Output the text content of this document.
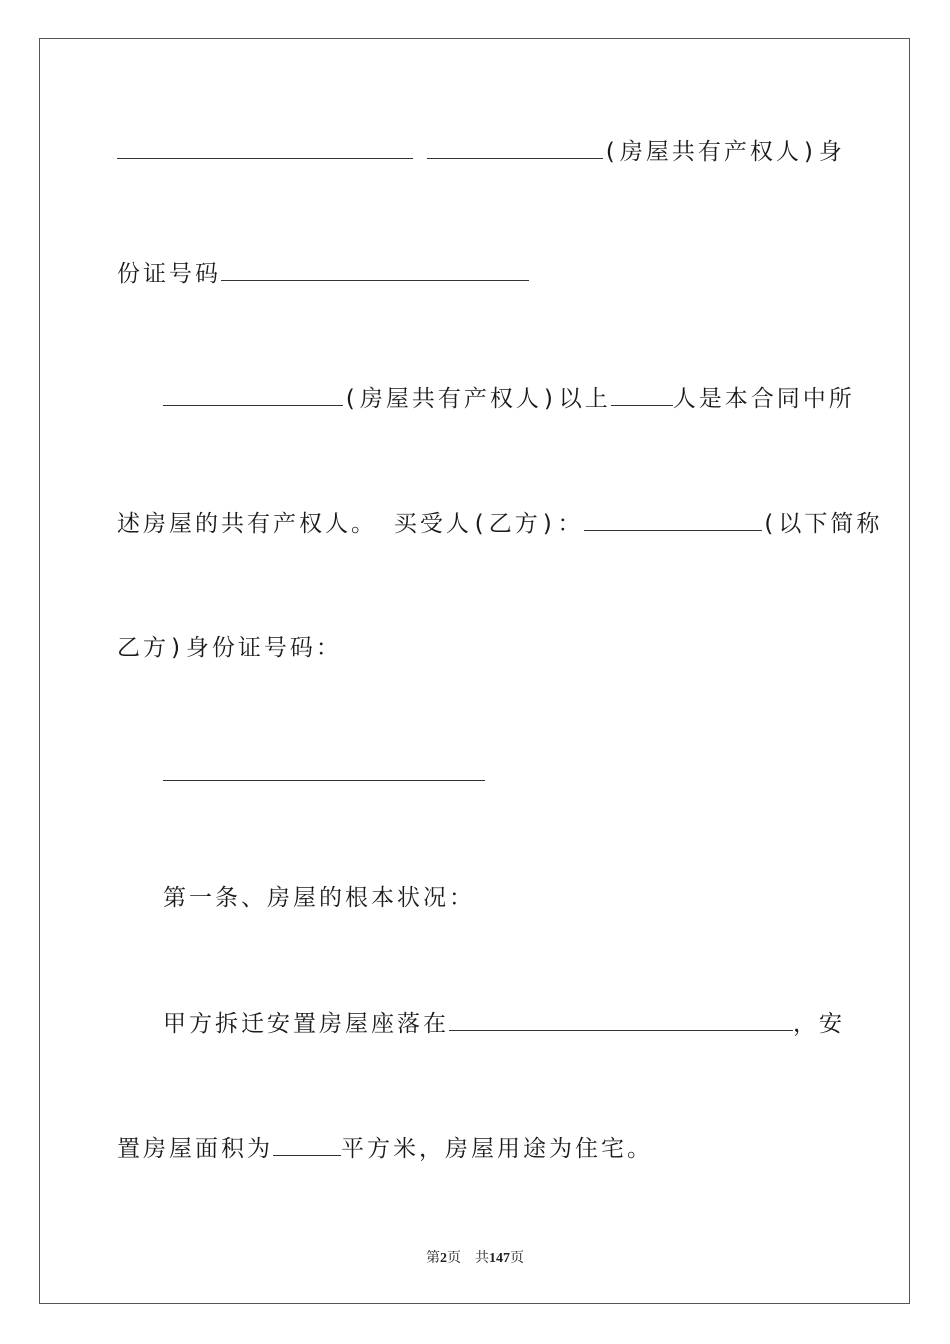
(房屋共有产权人)身
份证号码
(房屋共有产权人)以上	人是本合同中所
述房屋的共有产权人。 买受人(乙方)：	(以下简称
乙方)身份证号码：
第一条、房屋的根本状况：
甲方拆迁安置房屋座落在	，安
置房屋面积为	平方米，房屋用途为住宅。
第2页　共147页
